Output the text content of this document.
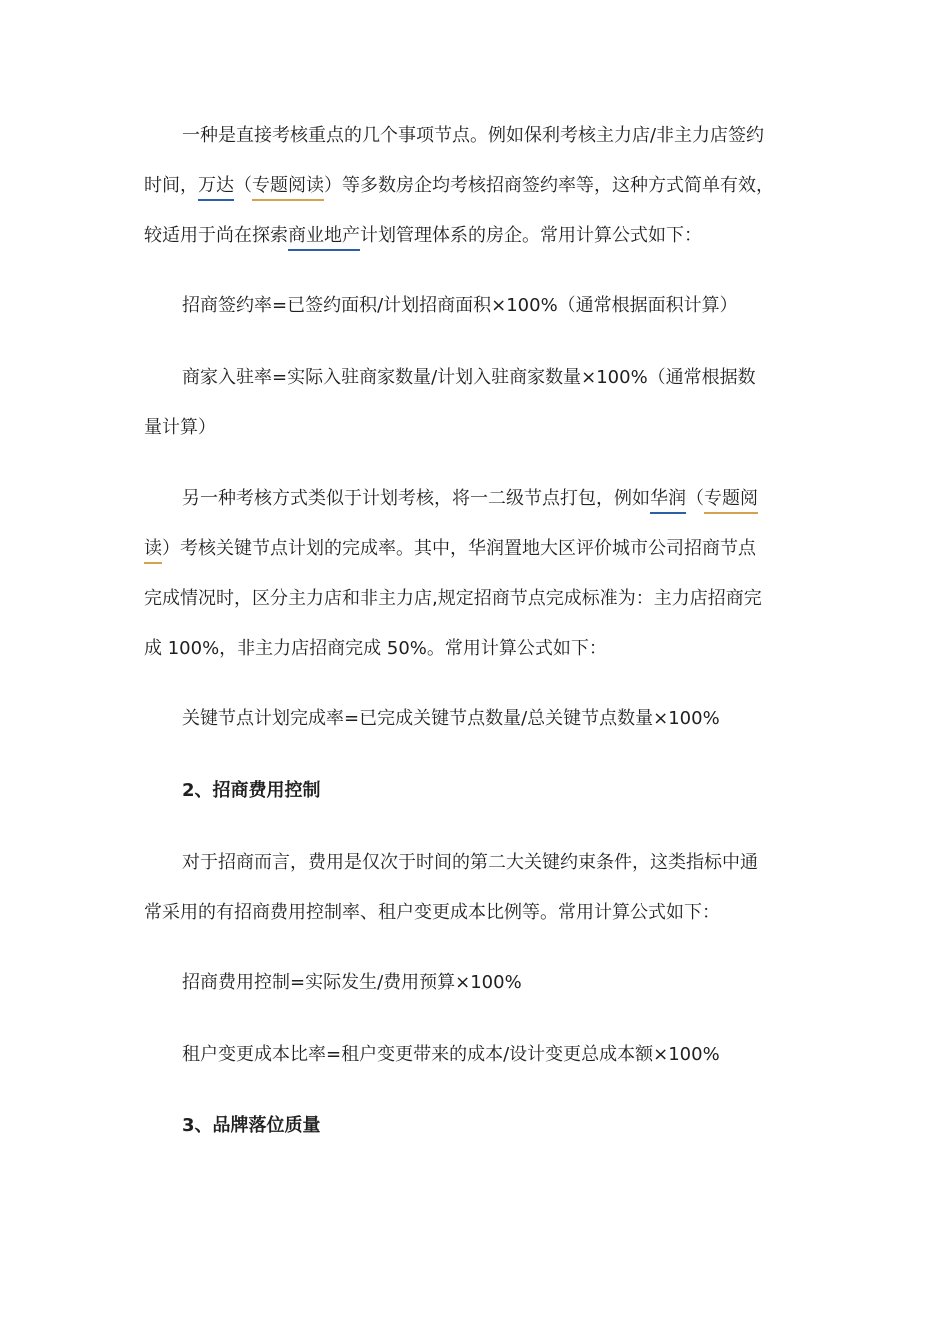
一种是直接考核重点的几个事项节点。例如保利考核主力店/非主力店签约
时间，万达（专题阅读）等多数房企均考核招商签约率等，这种方式简单有效，
较适用于尚在探索商业地产计划管理体系的房企。常用计算公式如下：
招商签约率=已签约面积/计划招商面积×100%（通常根据面积计算）
商家入驻率=实际入驻商家数量/计划入驻商家数量×100%（通常根据数
量计算）
另一种考核方式类似于计划考核，将一二级节点打包，例如华润（专题阅
读）考核关键节点计划的完成率。其中，华润置地大区评价城市公司招商节点
完成情况时，区分主力店和非主力店,规定招商节点完成标准为：主力店招商完
成 100%，非主力店招商完成 50%。常用计算公式如下：
关键节点计划完成率=已完成关键节点数量/总关键节点数量×100%
2、招商费用控制
对于招商而言，费用是仅次于时间的第二大关键约束条件，这类指标中通
常采用的有招商费用控制率、租户变更成本比例等。常用计算公式如下：
招商费用控制=实际发生/费用预算×100%
租户变更成本比率=租户变更带来的成本/设计变更总成本额×100%
3、品牌落位质量
